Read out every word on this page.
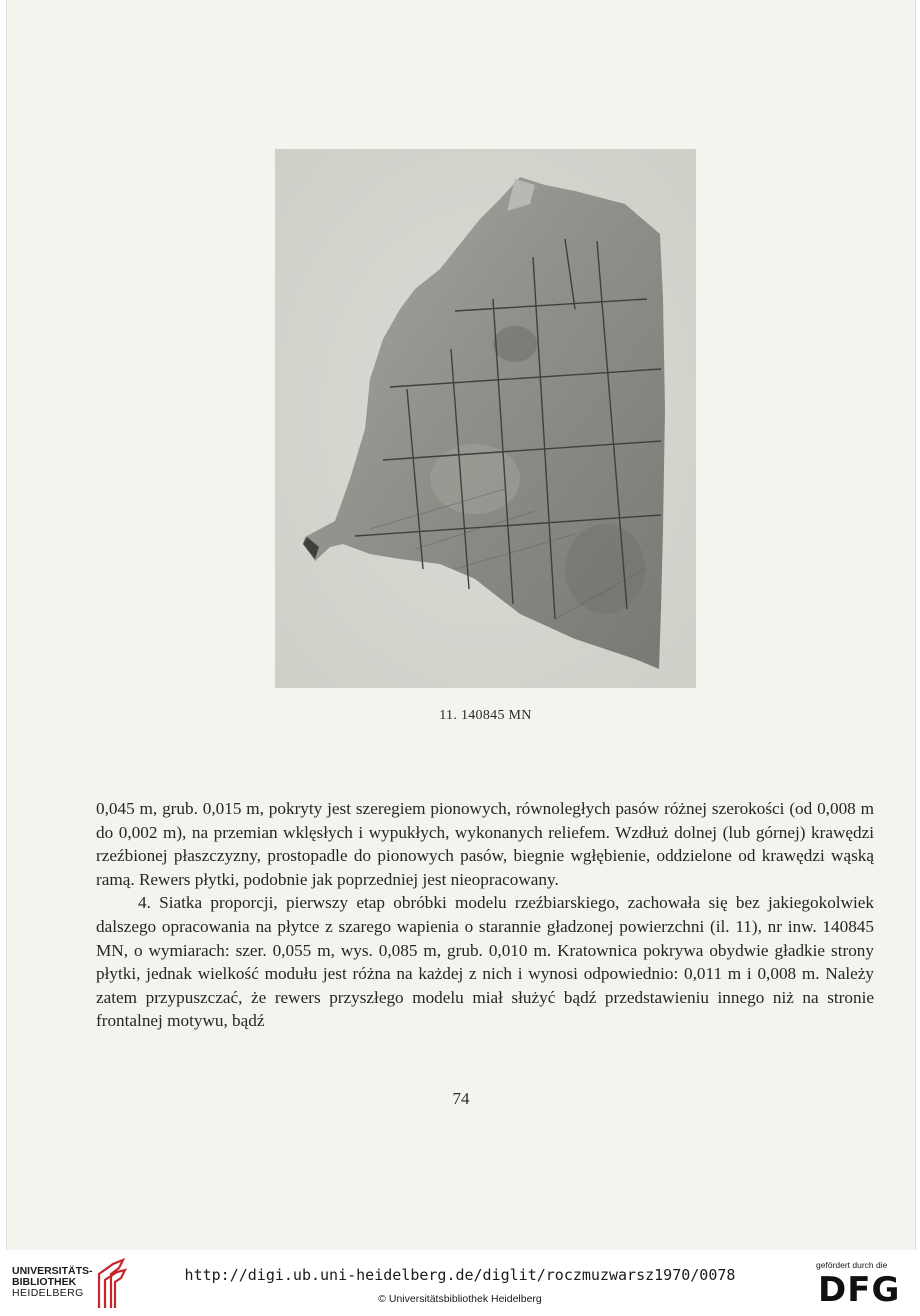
11. 140845 MN

0,045 m, grub. 0,015 m, pokryty jest szeregiem pionowych, równoległych pasów różnej szerokości (od 0,008 m do 0,002 m), na przemian wklęsłych i wypukłych, wykonanych reliefem. Wzdłuż dolnej (lub górnej) krawędzi rzeźbionej płaszczyzny, prostopadle do pionowych pasów, biegnie wgłębienie, oddzielone od krawędzi wąską ramą. Rewers płytki, podobnie jak poprzedniej jest nieopracowany.

4. Siatka proporcji, pierwszy etap obróbki modelu rzeźbiarskiego, zachowała się bez jakiegokolwiek dalszego opracowania na płytce z szarego wapienia o starannie gładzonej powierzchni (il. 11), nr inw. 140845 MN, o wymiarach: szer. 0,055 m, wys. 0,085 m, grub. 0,010 m. Kratownica pokrywa obydwie gładkie strony płytki, jednak wielkość modułu jest różna na każdej z nich i wynosi odpowiednio: 0,011 m i 0,008 m. Należy zatem przypuszczać, że rewers przyszłego modelu miał służyć bądź przedstawieniu innego niż na stronie frontalnej motywu, bądź

74
UNIVERSITÄTS-
BIBLIOTHEK
HEIDELBERG
http://digi.ub.uni-heidelberg.de/diglit/roczmuzwarsz1970/0078
© Universitätsbibliothek Heidelberg
gefördert durch die
DFG
